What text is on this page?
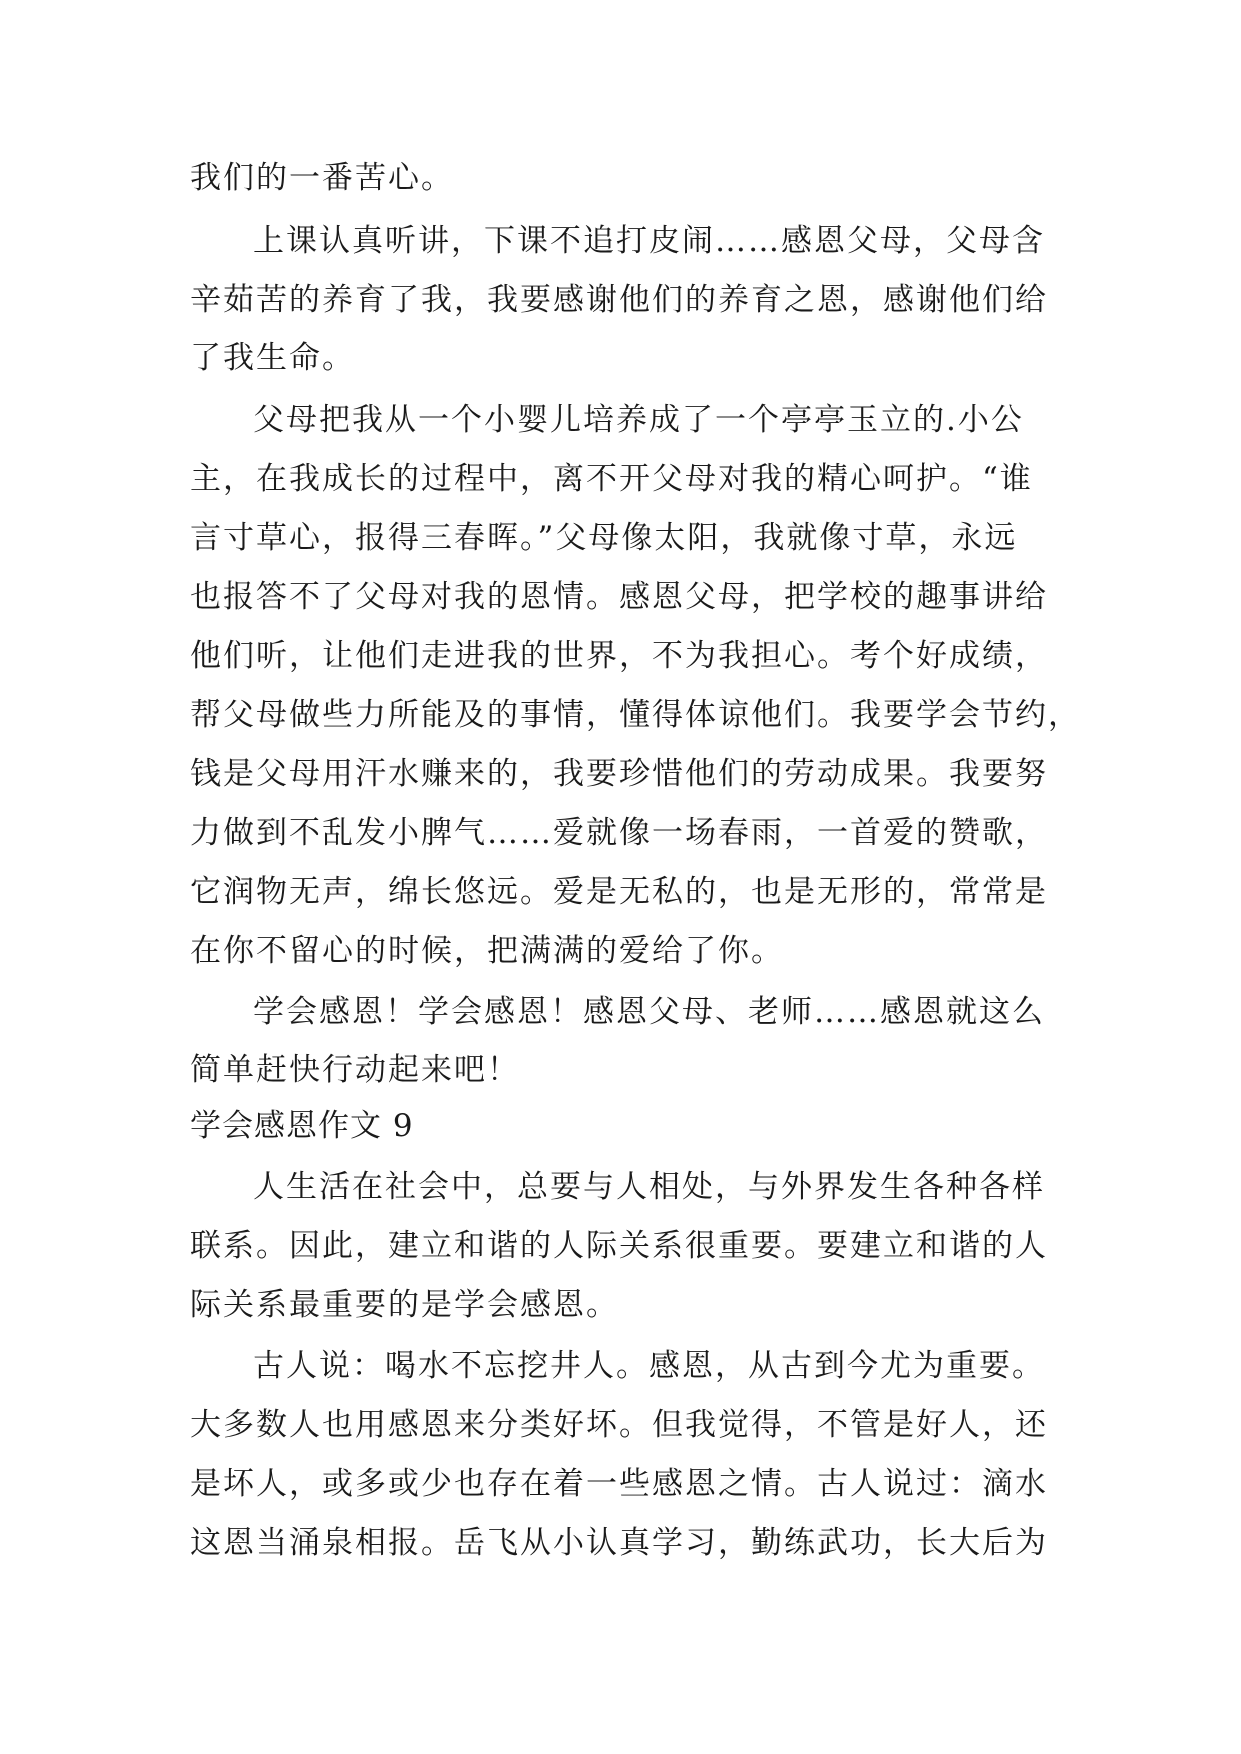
我们的一番苦心。
上课认真听讲，下课不追打皮闹……感恩父母，父母含
辛茹苦的养育了我，我要感谢他们的养育之恩，感谢他们给
了我生命。
父母把我从一个小婴儿培养成了一个亭亭玉立的.小公
主，在我成长的过程中，离不开父母对我的精心呵护。“谁
言寸草心，报得三春晖。”父母像太阳，我就像寸草，永远
也报答不了父母对我的恩情。感恩父母，把学校的趣事讲给
他们听，让他们走进我的世界，不为我担心。考个好成绩，
帮父母做些力所能及的事情，懂得体谅他们。我要学会节约，
钱是父母用汗水赚来的，我要珍惜他们的劳动成果。我要努
力做到不乱发小脾气……爱就像一场春雨，一首爱的赞歌，
它润物无声，绵长悠远。爱是无私的，也是无形的，常常是
在你不留心的时候，把满满的爱给了你。
学会感恩！学会感恩！感恩父母、老师……感恩就这么
简单赶快行动起来吧！
学会感恩作文 9
人生活在社会中，总要与人相处，与外界发生各种各样
联系。因此，建立和谐的人际关系很重要。要建立和谐的人
际关系最重要的是学会感恩。
古人说：喝水不忘挖井人。感恩，从古到今尤为重要。
大多数人也用感恩来分类好坏。但我觉得，不管是好人，还
是坏人，或多或少也存在着一些感恩之情。古人说过：滴水
这恩当涌泉相报。岳飞从小认真学习，勤练武功，长大后为
